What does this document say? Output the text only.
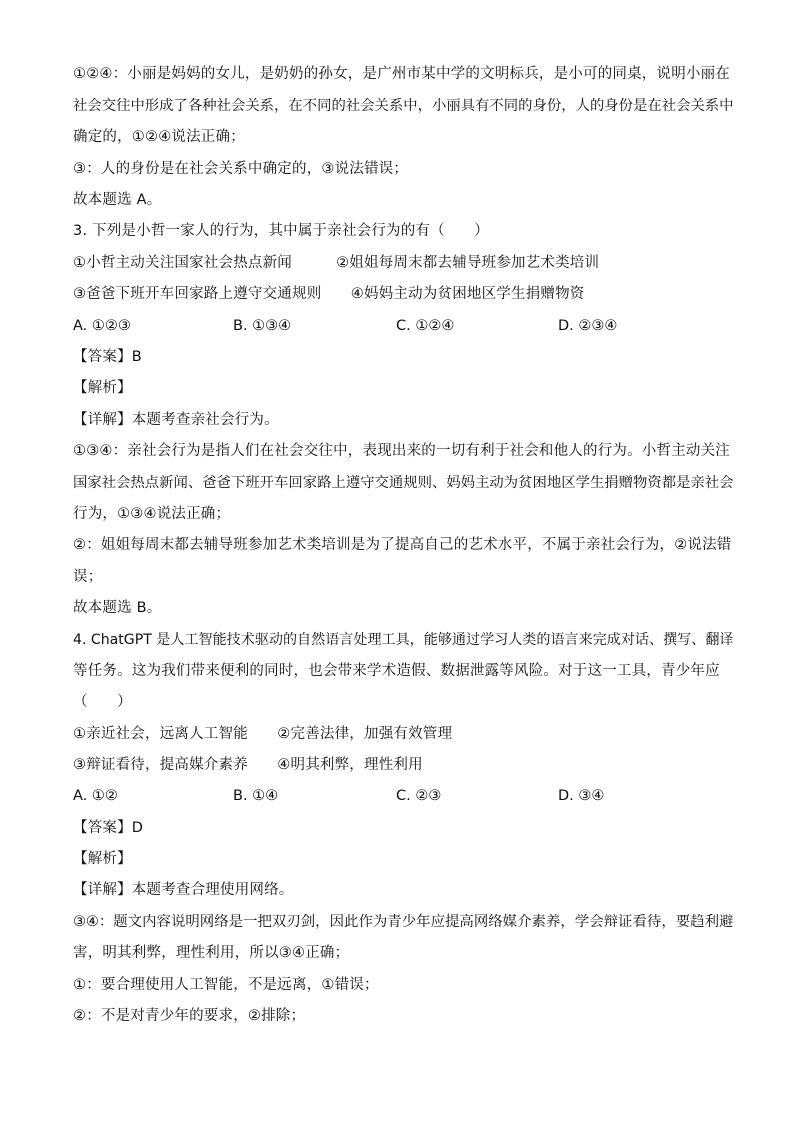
①②④：小丽是妈妈的女儿，是奶奶的孙女，是广州市某中学的文明标兵，是小可的同桌，说明小丽在
社会交往中形成了各种社会关系，在不同的社会关系中，小丽具有不同的身份，人的身份是在社会关系中
确定的，①②④说法正确；
③：人的身份是在社会关系中确定的，③说法错误；
故本题选 A。
3. 下列是小哲一家人的行为，其中属于亲社会行为的有（　　）
①小哲主动关注国家社会热点新闻　　　②姐姐每周末都去辅导班参加艺术类培训
③爸爸下班开车回家路上遵守交通规则　　④妈妈主动为贫困地区学生捐赠物资
A. ①②③	B. ①③④	C. ①②④	D. ②③④
【答案】B
【解析】
【详解】本题考查亲社会行为。
①③④：亲社会行为是指人们在社会交往中，表现出来的一切有利于社会和他人的行为。小哲主动关注
国家社会热点新闻、爸爸下班开车回家路上遵守交通规则、妈妈主动为贫困地区学生捐赠物资都是亲社会
行为，①③④说法正确；
②：姐姐每周末都去辅导班参加艺术类培训是为了提高自己的艺术水平，不属于亲社会行为，②说法错
误；
故本题选 B。
4. ChatGPT 是人工智能技术驱动的自然语言处理工具，能够通过学习人类的语言来完成对话、撰写、翻译
等任务。这为我们带来便利的同时，也会带来学术造假、数据泄露等风险。对于这一工具，青少年应
（　　）
①亲近社会，远离人工智能　　②完善法律，加强有效管理
③辩证看待，提高媒介素养　　④明其利弊，理性利用
A. ①②	B. ①④	C. ②③	D. ③④
【答案】D
【解析】
【详解】本题考查合理使用网络。
③④：题文内容说明网络是一把双刃剑，因此作为青少年应提高网络媒介素养，学会辩证看待，要趋利避
害，明其利弊，理性利用，所以③④正确；
①：要合理使用人工智能，不是远离，①错误；
②：不是对青少年的要求，②排除；
